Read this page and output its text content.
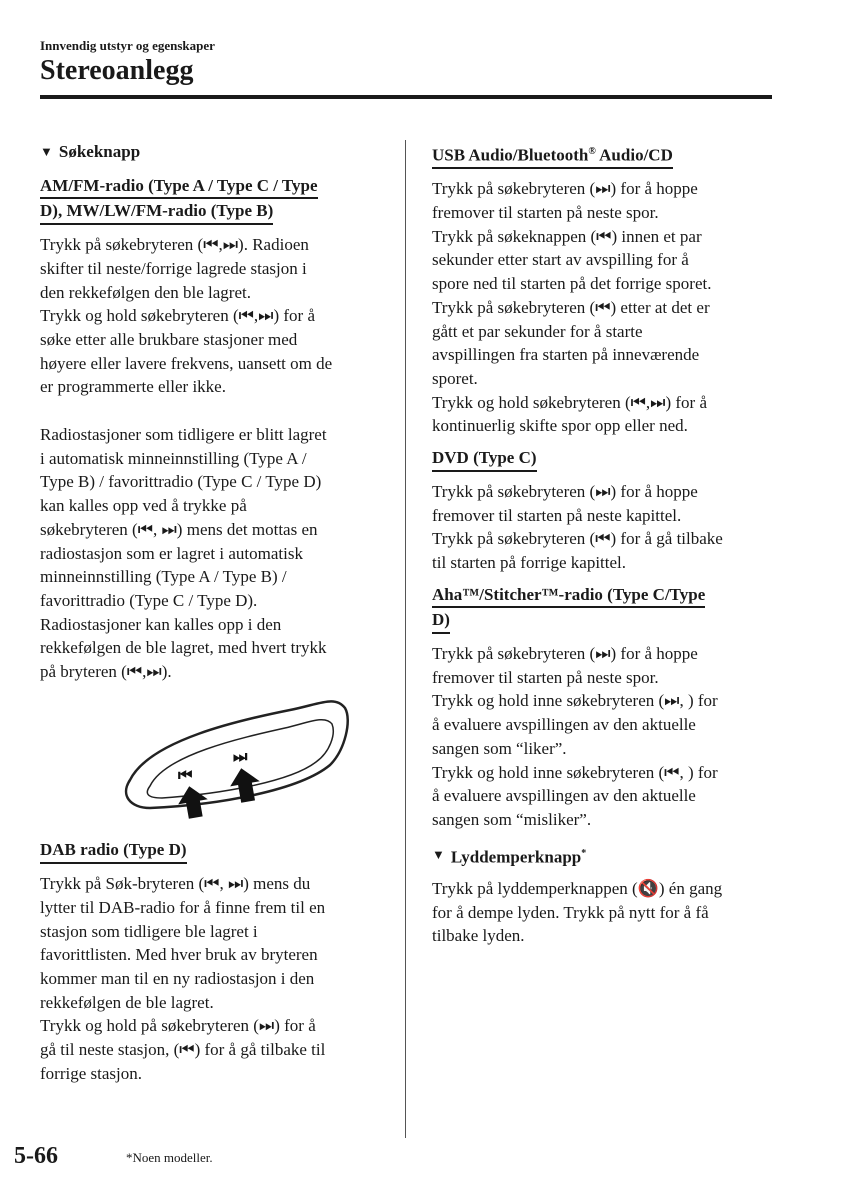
Innvendig utstyr og egenskaper
Stereoanlegg
▼ Søkeknapp
AM/FM-radio (Type A / Type C / Type
D), MW/LW/FM-radio (Type B)

Trykk på søkebryteren (⏮,⏭). Radioen
skifter til neste/forrige lagrede stasjon i
den rekkefølgen den ble lagret.
Trykk og hold søkebryteren (⏮,⏭) for å
søke etter alle brukbare stasjoner med
høyere eller lavere frekvens, uansett om de
er programmerte eller ikke.

Radiostasjoner som tidligere er blitt lagret
i automatisk minneinnstilling (Type A /
Type B) / favorittradio (Type C / Type D)
kan kalles opp ved å trykke på
søkebryteren (⏮, ⏭) mens det mottas en
radiostasjon som er lagret i automatisk
minneinnstilling (Type A / Type B) /
favorittradio (Type C / Type D).
Radiostasjoner kan kalles opp i den
rekkefølgen de ble lagret, med hvert trykk
på bryteren (⏮,⏭).

⏮
⏭
DAB radio (Type D)

Trykk på Søk-bryteren (⏮, ⏭) mens du
lytter til DAB-radio for å finne frem til en
stasjon som tidligere ble lagret i
favorittlisten. Med hver bruk av bryteren
kommer man til en ny radiostasjon i den
rekkefølgen de ble lagret.
Trykk og hold på søkebryteren (⏭) for å
gå til neste stasjon, (⏮) for å gå tilbake til
forrige stasjon.

USB Audio/Bluetooth® Audio/CD

Trykk på søkebryteren (⏭) for å hoppe
fremover til starten på neste spor.
Trykk på søkeknappen (⏮) innen et par
sekunder etter start av avspilling for å
spore ned til starten på det forrige sporet.
Trykk på søkebryteren (⏮) etter at det er
gått et par sekunder for å starte
avspillingen fra starten på inneværende
sporet.
Trykk og hold søkebryteren (⏮,⏭) for å
kontinuerlig skifte spor opp eller ned.

DVD (Type C)

Trykk på søkebryteren (⏭) for å hoppe
fremover til starten på neste kapittel.
Trykk på søkebryteren (⏮) for å gå tilbake
til starten på forrige kapittel.

Aha™/Stitcher™-radio (Type C/Type
D)

Trykk på søkebryteren (⏭) for å hoppe
fremover til starten på neste spor.
Trykk og hold inne søkebryteren (⏭, ) for
å evaluere avspillingen av den aktuelle
sangen som “liker”.
Trykk og hold inne søkebryteren (⏮, ) for
å evaluere avspillingen av den aktuelle
sangen som “misliker”.

▼ Lyddemperknapp*

Trykk på lyddemperknappen (🔇) én gang
for å dempe lyden. Trykk på nytt for å få
tilbake lyden.

5-66	*Noen modeller.
